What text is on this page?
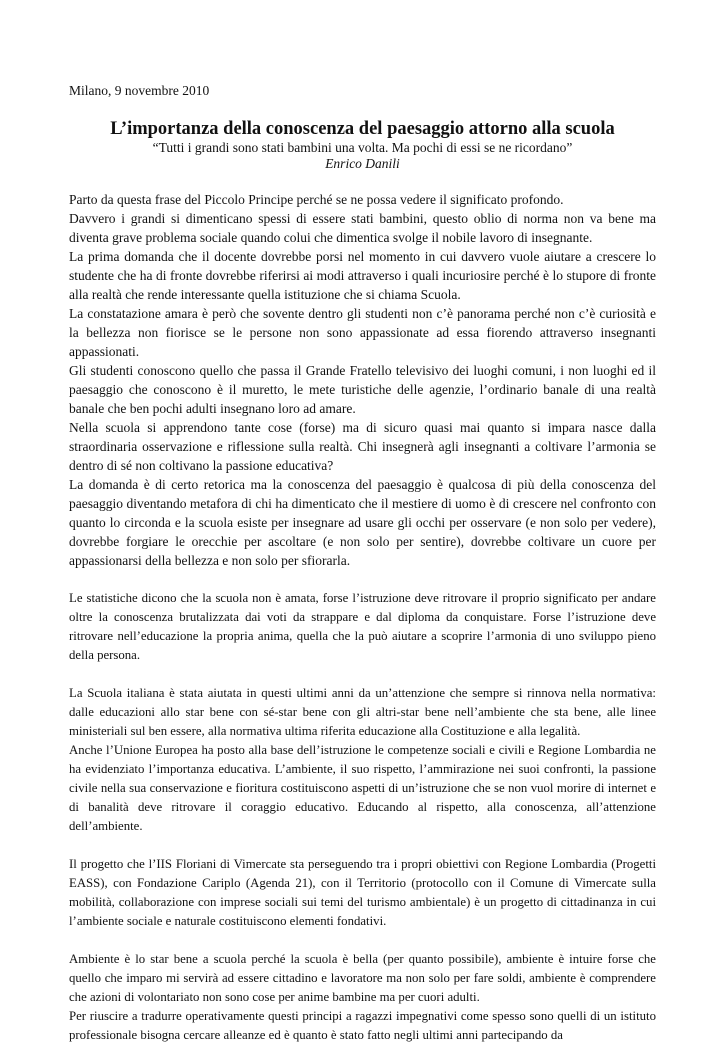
Milano, 9 novembre 2010

L’importanza della conoscenza del paesaggio attorno alla scuola

“Tutti i grandi sono stati bambini una volta. Ma pochi di essi se ne ricordano”

Enrico Danili

Parto da questa frase del Piccolo Principe perché se ne possa vedere il significato profondo.

Davvero i grandi si dimenticano spessi di essere stati bambini, questo oblio di norma non va bene ma diventa grave problema sociale quando colui che dimentica svolge il nobile lavoro di insegnante.

La prima domanda che il docente dovrebbe porsi nel momento in cui davvero vuole aiutare a crescere lo studente che ha di fronte dovrebbe riferirsi ai modi attraverso i quali incuriosire perché è lo stupore di fronte alla realtà che rende interessante quella istituzione che si chiama Scuola.

La constatazione amara è però che sovente dentro gli studenti non c’è panorama perché non c’è curiosità e la bellezza non fiorisce se le persone non sono appassionate ad essa fiorendo attraverso insegnanti appassionati.

Gli studenti conoscono quello che passa il Grande Fratello televisivo dei luoghi comuni, i non luoghi ed il paesaggio che conoscono è il muretto, le mete turistiche delle agenzie, l’ordinario banale di una realtà banale che ben pochi adulti insegnano loro ad amare.

Nella scuola si apprendono tante cose (forse) ma di sicuro quasi mai quanto si impara nasce dalla straordinaria osservazione e riflessione sulla realtà. Chi insegnerà agli insegnanti a coltivare l’armonia se dentro di sé non coltivano la passione educativa?

La domanda è di certo retorica ma la conoscenza del paesaggio è qualcosa di più della conoscenza del paesaggio diventando metafora di chi ha dimenticato che il mestiere di uomo è di crescere nel confronto con quanto lo circonda e la scuola esiste per insegnare ad usare gli occhi per osservare (e non solo per vedere), dovrebbe forgiare le orecchie per ascoltare (e non solo per sentire), dovrebbe coltivare un cuore per appassionarsi della bellezza e non solo per sfiorarla.

Le statistiche dicono che la scuola non è amata, forse l’istruzione deve ritrovare il proprio significato per andare oltre la conoscenza brutalizzata dai voti da strappare e dal diploma da conquistare. Forse l’istruzione deve ritrovare nell’educazione la propria anima, quella che la può aiutare a scoprire l’armonia di uno sviluppo pieno della persona.

La Scuola italiana è stata aiutata in questi ultimi anni da un’attenzione che sempre si rinnova nella normativa: dalle educazioni allo star bene con sé-star bene con gli altri-star bene nell’ambiente che sta bene, alle linee ministeriali sul ben essere, alla normativa ultima riferita educazione alla Costituzione e alla legalità.

Anche l’Unione Europea ha posto alla base dell’istruzione le competenze sociali e civili e Regione Lombardia ne ha evidenziato l’importanza educativa. L’ambiente, il suo rispetto, l’ammirazione nei suoi confronti, la passione civile nella sua conservazione e fioritura costituiscono aspetti di un’istruzione che se non vuol morire di internet e di banalità deve ritrovare il coraggio educativo. Educando al rispetto, alla conoscenza, all’attenzione dell’ambiente.

Il progetto che l’IIS Floriani di Vimercate sta perseguendo tra i propri obiettivi con Regione Lombardia (Progetti EASS), con Fondazione Cariplo (Agenda 21), con il Territorio (protocollo con il Comune di Vimercate sulla mobilità, collaborazione con imprese sociali sui temi del turismo ambientale) è un progetto di cittadinanza in cui l’ambiente sociale e naturale costituiscono elementi fondativi.

Ambiente è lo star bene a scuola perché la scuola è bella (per quanto possibile), ambiente è intuire forse che quello che imparo mi servirà ad essere cittadino e lavoratore ma non solo per fare soldi, ambiente è comprendere che azioni di volontariato non sono cose per anime bambine ma per cuori adulti.

Per riuscire a tradurre operativamente questi principi a ragazzi impegnativi come spesso sono quelli di un istituto professionale bisogna cercare alleanze ed è quanto è stato fatto negli ultimi anni partecipando da
